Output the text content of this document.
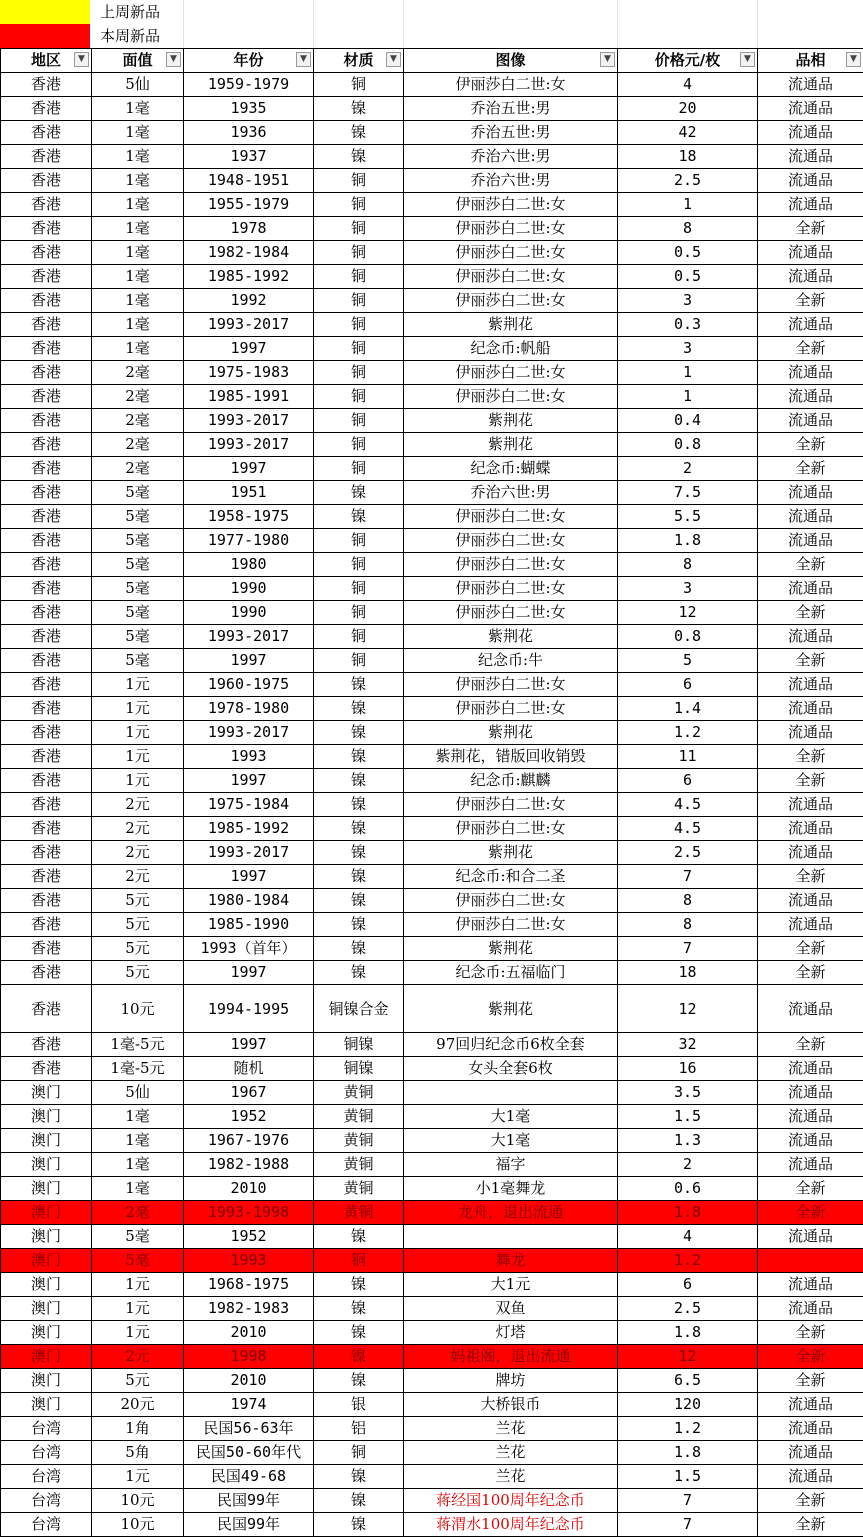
上周新品
本周新品
地区 ▼	面值 ▼	年份 ▼	材质 ▼	图像 ▼	价格元/枚 ▼	品相 ▼

香港	5仙	1959-1979	铜	伊丽莎白二世:女	4	流通品
香港	1毫	1935	镍	乔治五世:男	20	流通品
香港	1毫	1936	镍	乔治五世:男	42	流通品
香港	1毫	1937	镍	乔治六世:男	18	流通品
香港	1毫	1948-1951	铜	乔治六世:男	2.5	流通品
香港	1毫	1955-1979	铜	伊丽莎白二世:女	1	流通品
香港	1毫	1978	铜	伊丽莎白二世:女	8	全新
香港	1毫	1982-1984	铜	伊丽莎白二世:女	0.5	流通品
香港	1毫	1985-1992	铜	伊丽莎白二世:女	0.5	流通品
香港	1毫	1992	铜	伊丽莎白二世:女	3	全新
香港	1毫	1993-2017	铜	紫荆花	0.3	流通品
香港	1毫	1997	铜	纪念币:帆船	3	全新
香港	2毫	1975-1983	铜	伊丽莎白二世:女	1	流通品
香港	2毫	1985-1991	铜	伊丽莎白二世:女	1	流通品
香港	2毫	1993-2017	铜	紫荆花	0.4	流通品
香港	2毫	1993-2017	铜	紫荆花	0.8	全新
香港	2毫	1997	铜	纪念币:蝴蝶	2	全新
香港	5毫	1951	镍	乔治六世:男	7.5	流通品
香港	5毫	1958-1975	镍	伊丽莎白二世:女	5.5	流通品
香港	5毫	1977-1980	铜	伊丽莎白二世:女	1.8	流通品
香港	5毫	1980	铜	伊丽莎白二世:女	8	全新
香港	5毫	1990	铜	伊丽莎白二世:女	3	流通品
香港	5毫	1990	铜	伊丽莎白二世:女	12	全新
香港	5毫	1993-2017	铜	紫荆花	0.8	流通品
香港	5毫	1997	铜	纪念币:牛	5	全新
香港	1元	1960-1975	镍	伊丽莎白二世:女	6	流通品
香港	1元	1978-1980	镍	伊丽莎白二世:女	1.4	流通品
香港	1元	1993-2017	镍	紫荆花	1.2	流通品
香港	1元	1993	镍	紫荆花，错版回收销毁	11	全新
香港	1元	1997	镍	纪念币:麒麟	6	全新
香港	2元	1975-1984	镍	伊丽莎白二世:女	4.5	流通品
香港	2元	1985-1992	镍	伊丽莎白二世:女	4.5	流通品
香港	2元	1993-2017	镍	紫荆花	2.5	流通品
香港	2元	1997	镍	纪念币:和合二圣	7	全新
香港	5元	1980-1984	镍	伊丽莎白二世:女	8	流通品
香港	5元	1985-1990	镍	伊丽莎白二世:女	8	流通品
香港	5元	1993（首年）	镍	紫荆花	7	全新
香港	5元	1997	镍	纪念币:五福临门	18	全新
香港	10元	1994-1995	铜镍合金	紫荆花	12	流通品
香港	1毫-5元	1997	铜镍	97回归纪念币6枚全套	32	全新
香港	1毫-5元	随机	铜镍	女头全套6枚	16	流通品
澳门	5仙	1967	黄铜		3.5	流通品
澳门	1毫	1952	黄铜	大1毫	1.5	流通品
澳门	1毫	1967-1976	黄铜	大1毫	1.3	流通品
澳门	1毫	1982-1988	黄铜	福字	2	流通品
澳门	1毫	2010	黄铜	小1毫舞龙	0.6	全新
澳门	2毫	1993-1998	黄铜	龙舟，退出流通	1.8	全新
澳门	5毫	1952	镍		4	流通品
澳门	5毫	1993	铜	舞龙	1.2	
澳门	1元	1968-1975	镍	大1元	6	流通品
澳门	1元	1982-1983	镍	双鱼	2.5	流通品
澳门	1元	2010	镍	灯塔	1.8	全新
澳门	2元	1998	镍	妈祖阁，退出流通	12	全新
澳门	5元	2010	镍	牌坊	6.5	全新
澳门	20元	1974	银	大桥银币	120	流通品
台湾	1角	民国56-63年	铝	兰花	1.2	流通品
台湾	5角	民国50-60年代	铜	兰花	1.8	流通品
台湾	1元	民国49-68	镍	兰花	1.5	流通品
台湾	10元	民国99年	镍	蒋经国100周年纪念币	7	全新
台湾	10元	民国99年	镍	蒋渭水100周年纪念币	7	全新
